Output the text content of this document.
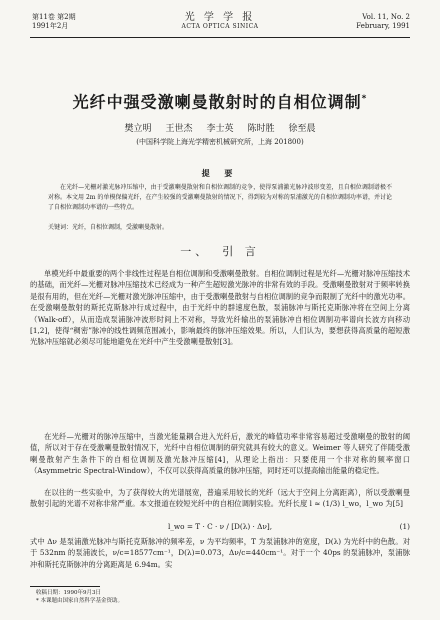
第11卷 第2期
1991年2月
光 学 学 报
ACTA OPTICA SINICA
Vol. 11, No. 2
February, 1991
光纤中强受激喇曼散射时的自相位调制*
樊立明 王世杰 李士英 陈时胜 徐至晨
(中国科学院上海光学精密机械研究所，上海 201800)
提 要
在光纤—光栅对激光脉冲压缩中，由于受激喇曼散射和自相位调制的竞争，使得泵浦激光脉冲波形变差，且自相位调制谱极不对称。本文用 2m 的单模保偏光纤，在产生较强的受激喇曼散射的情况下，得到较为对称的泵浦激光的自相位调制功率谱，并讨论了自相位调制功率谱的一些特点。
关键词：光纤，自相位调制，受激喇曼散射。
一、 引 言
单模光纤中最重要的两个非线性过程是自相位调制和受激喇曼散射。自相位调制过程是光纤—光栅对脉冲压缩技术的基础，而光纤—光栅对脉冲压缩技术已经成为一种产生超短激光脉冲的非常有效的手段。受激喇曼散射对于频率转换是很有用的，但在光纤—光栅对激光脉冲压缩中，由于受激喇曼散射与自相位调制的竞争而限制了光纤中的激光功率。在受激喇曼散射的斯托克斯脉冲行成过程中，由于光纤中的群速度色散，泵浦脉冲与斯托克斯脉冲将在空间上分离（Walk-off），从而造成泵浦脉冲波形时间上不对称，导致光纤输出的泵浦脉冲自相位调制功率谱向长波方向移动[1,2]，使得“稠密”脉冲的线性调频范围减小，影响最终的脉冲压缩效果。所以，人们认为，要想获得高质量的超短激光脉冲压缩就必须尽可能地避免在光纤中产生受激喇曼散射[3]。
在光纤—光栅对的脉冲压缩中，当激光能量耦合进入光纤后，激光的峰值功率非常容易超过受激喇曼的散射的阈值，所以对于存在受激喇曼散射情况下，光纤中自相位调制的研究就具有较大的意义。Weimer 等人研究了伴随受激喇曼散射产生条件下的自相位调制及激光脉冲压缩[4]，从理论上指出：只要使用一个非对称的频率窗口（Asymmetric Spectral-Window），不仅可以获得高质量的脉冲压缩，同时还可以提高输出能量的稳定性。
在以往的一些实验中，为了获得较大的光谱展宽，普遍采用较长的光纤（远大于空间上分离距离），所以受激喇曼散射引起的光谱不对称非常严重。本文报道在较短光纤中的自相位调制实验。光纤长度 l ≈ (1/3) l_wo，l_wo 为[5]
l_wo = T · C · ν / [D(λ) · Δν],	(1)
式中 Δν 是泵浦激光脉冲与斯托克斯脉冲的频率差，ν 为平均频率，T 为泵浦脉冲的宽度，D(λ) 为光纤中的色散。对于 532nm 的泵浦波长，ν/c=18577cm⁻¹，D(λ)=0.073，Δν/c=440cm⁻¹。对于一个 40ps 的泵浦脉冲，泵浦脉冲和斯托克斯脉冲的分离距离是 6.94m。实
收稿日期：1990年9月3日
* 本课题由国家自然科学基金资助。
